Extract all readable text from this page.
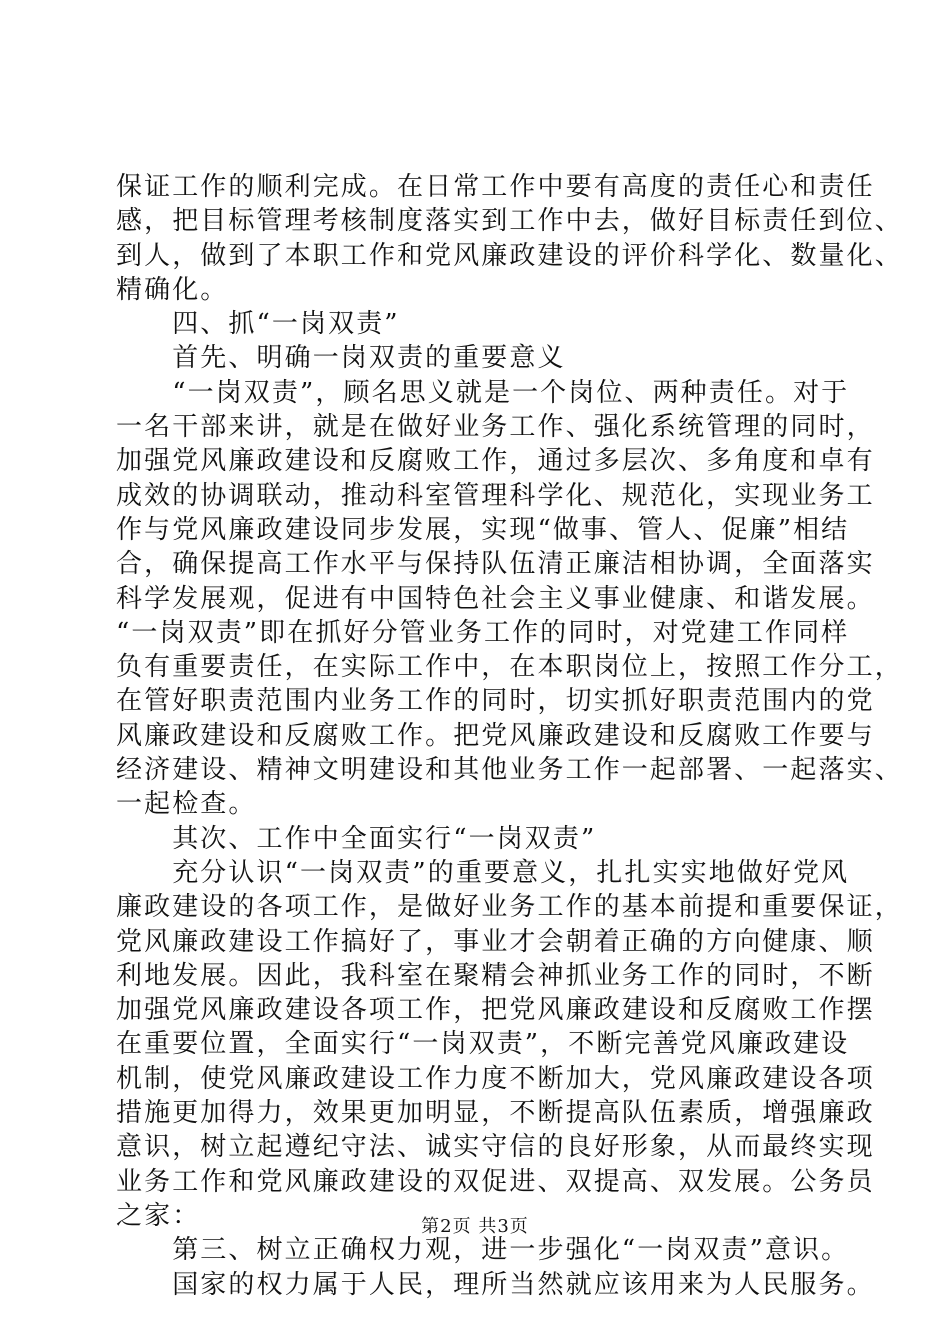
保证工作的顺利完成。在日常工作中要有高度的责任心和责任
感，把目标管理考核制度落实到工作中去，做好目标责任到位、
到人，做到了本职工作和党风廉政建设的评价科学化、数量化、
精确化。
　　四、抓“一岗双责”
　　首先、明确一岗双责的重要意义
　　“一岗双责”，顾名思义就是一个岗位、两种责任。对于
一名干部来讲，就是在做好业务工作、强化系统管理的同时，
加强党风廉政建设和反腐败工作，通过多层次、多角度和卓有
成效的协调联动，推动科室管理科学化、规范化，实现业务工
作与党风廉政建设同步发展，实现“做事、管人、促廉”相结
合，确保提高工作水平与保持队伍清正廉洁相协调，全面落实
科学发展观，促进有中国特色社会主义事业健康、和谐发展。
“一岗双责”即在抓好分管业务工作的同时，对党建工作同样
负有重要责任，在实际工作中，在本职岗位上，按照工作分工，
在管好职责范围内业务工作的同时，切实抓好职责范围内的党
风廉政建设和反腐败工作。把党风廉政建设和反腐败工作要与
经济建设、精神文明建设和其他业务工作一起部署、一起落实、
一起检查。
　　其次、工作中全面实行“一岗双责”
　　充分认识“一岗双责”的重要意义，扎扎实实地做好党风
廉政建设的各项工作，是做好业务工作的基本前提和重要保证，
党风廉政建设工作搞好了，事业才会朝着正确的方向健康、顺
利地发展。因此，我科室在聚精会神抓业务工作的同时，不断
加强党风廉政建设各项工作，把党风廉政建设和反腐败工作摆
在重要位置，全面实行“一岗双责”，不断完善党风廉政建设
机制，使党风廉政建设工作力度不断加大，党风廉政建设各项
措施更加得力，效果更加明显，不断提高队伍素质，增强廉政
意识，树立起遵纪守法、诚实守信的良好形象，从而最终实现
业务工作和党风廉政建设的双促进、双提高、双发展。公务员
之家：
　　第三、树立正确权力观，进一步强化“一岗双责”意识。
　　国家的权力属于人民，理所当然就应该用来为人民服务。
第2页 共3页
